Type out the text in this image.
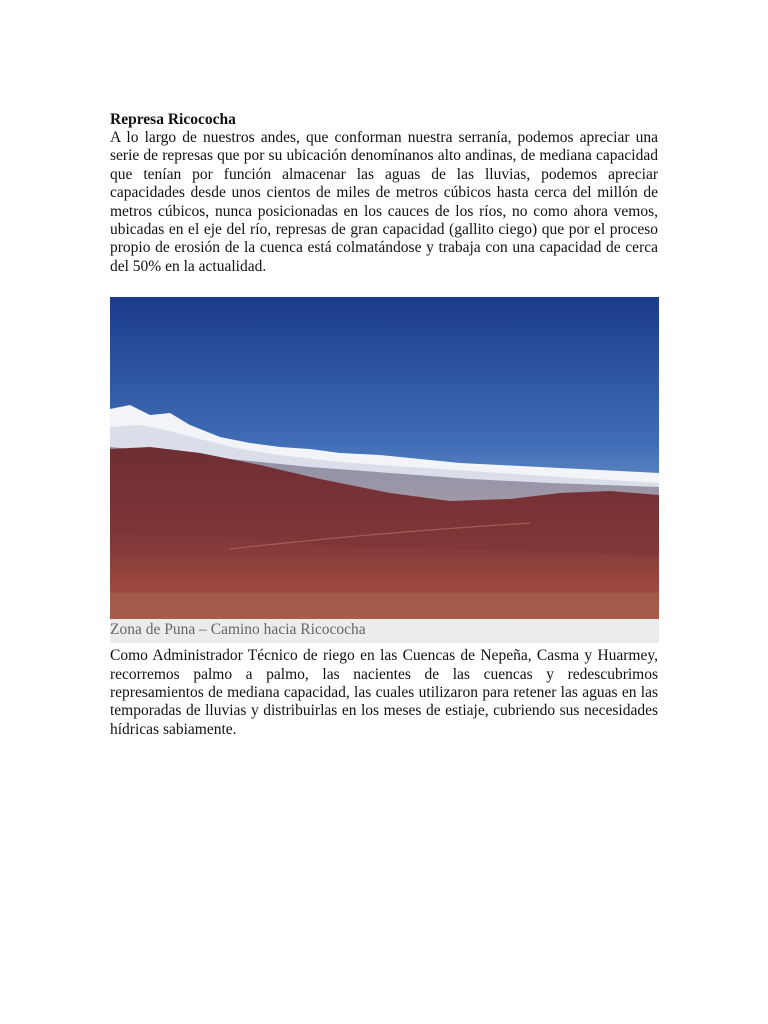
Represa Ricococha

A lo largo de nuestros andes, que conforman nuestra serranía, podemos apreciar una serie de represas que por su ubicación denomínanos alto andinas, de mediana capacidad que tenían por función almacenar las aguas de las lluvias, podemos apreciar capacidades desde unos cientos de miles de metros cúbicos hasta cerca del millón de metros cúbicos, nunca posicionadas en los cauces de los ríos, no como ahora vemos, ubicadas en el eje del río, represas de gran capacidad (gallito ciego) que por el proceso propio de erosión de la cuenca está colmatándose y trabaja con una capacidad de cerca del 50% en la actualidad.

Zona de Puna – Camino hacia Ricococha

Como Administrador Técnico de riego en las Cuencas de Nepeña, Casma y Huarmey, recorremos palmo a palmo, las nacientes de las cuencas y redescubrimos represamientos de mediana capacidad, las cuales utilizaron para retener las aguas en las temporadas de lluvias y distribuirlas en los meses de estiaje, cubriendo sus necesidades hídricas sabiamente.
